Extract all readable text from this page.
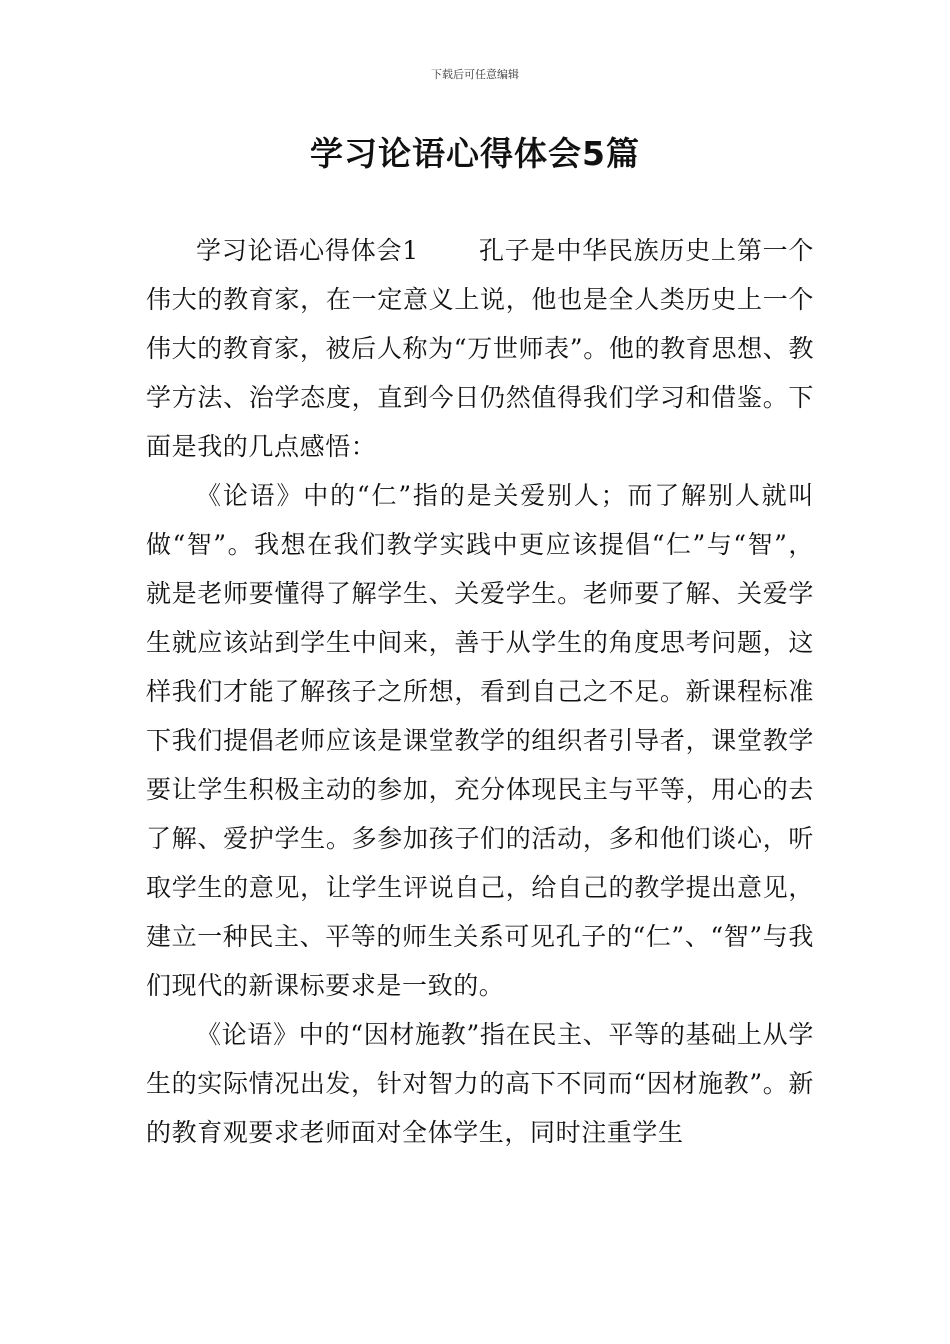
下载后可任意编辑
学习论语心得体会5篇

学习论语心得体会1 孔子是中华民族历史上第一个伟大的教育家，在一定意义上说，他也是全人类历史上一个伟大的教育家，被后人称为“万世师表”。他的教育思想、教学方法、治学态度，直到今日仍然值得我们学习和借鉴。下面是我的几点感悟：

《论语》中的“仁”指的是关爱别人；而了解别人就叫做“智”。我想在我们教学实践中更应该提倡“仁”与“智”，就是老师要懂得了解学生、关爱学生。老师要了解、关爱学生就应该站到学生中间来，善于从学生的角度思考问题，这样我们才能了解孩子之所想，看到自己之不足。新课程标准下我们提倡老师应该是课堂教学的组织者引导者，课堂教学要让学生积极主动的参加，充分体现民主与平等，用心的去了解、爱护学生。多参加孩子们的活动，多和他们谈心，听取学生的意见，让学生评说自己，给自己的教学提出意见，建立一种民主、平等的师生关系可见孔子的“仁”、“智”与我们现代的新课标要求是一致的。

《论语》中的“因材施教”指在民主、平等的基础上从学生的实际情况出发，针对智力的高下不同而“因材施教”。新的教育观要求老师面对全体学生，同时注重学生
